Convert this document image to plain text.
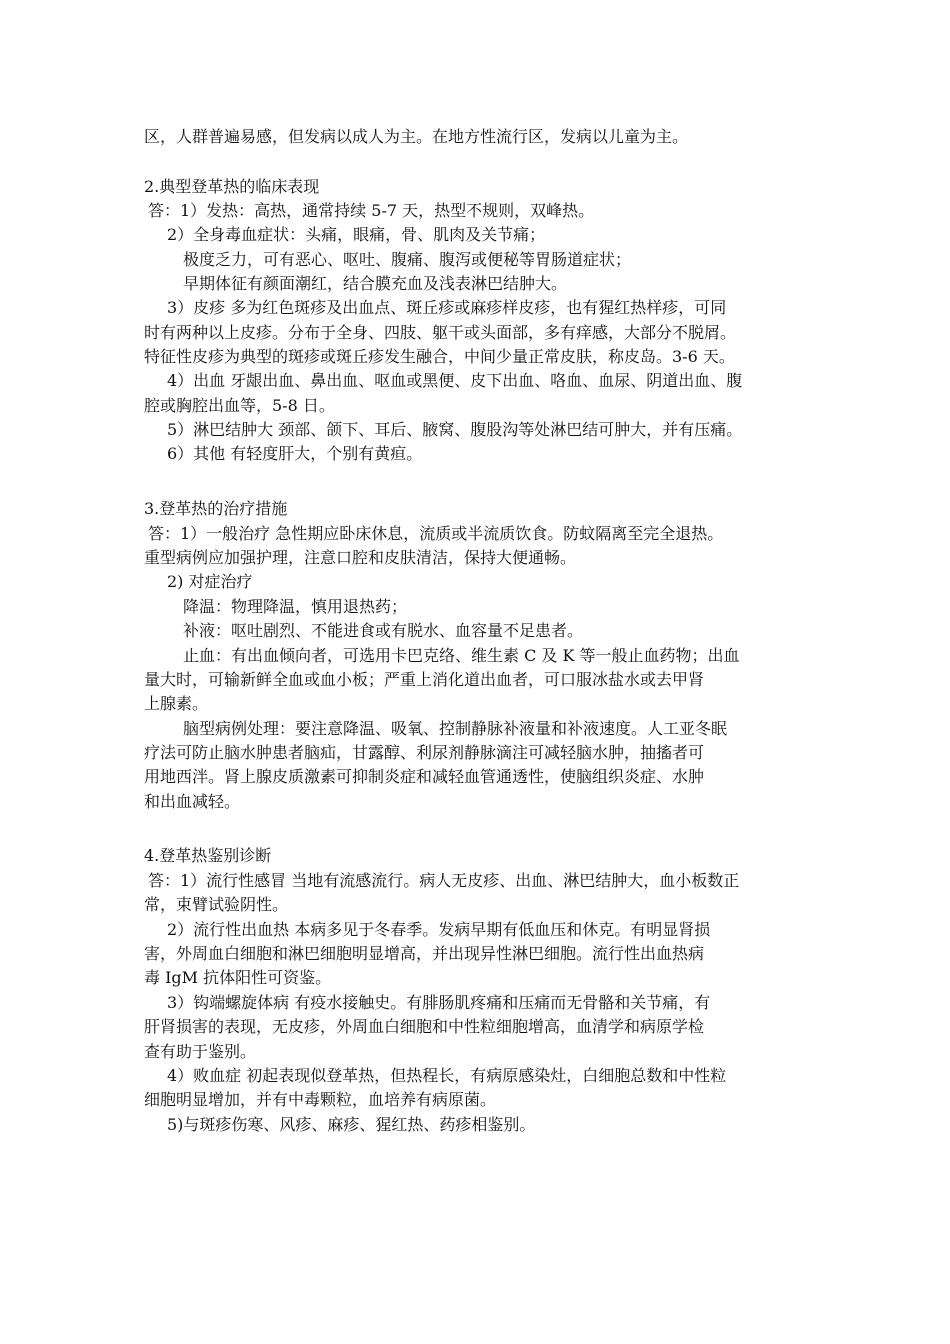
区，人群普遍易感，但发病以成人为主。在地方性流行区，发病以儿童为主。
2.典型登革热的临床表现
答：1）发热：高热，通常持续 5-7 天，热型不规则，双峰热。
2）全身毒血症状：头痛，眼痛，骨、肌肉及关节痛；
极度乏力，可有恶心、呕吐、腹痛、腹泻或便秘等胃肠道症状；
早期体征有颜面潮红，结合膜充血及浅表淋巴结肿大。
3）皮疹 多为红色斑疹及出血点、斑丘疹或麻疹样皮疹，也有猩红热样疹，可同
时有两种以上皮疹。分布于全身、四肢、躯干或头面部，多有痒感，大部分不脱屑。
特征性皮疹为典型的斑疹或斑丘疹发生融合，中间少量正常皮肤，称皮岛。3-6 天。
4）出血 牙龈出血、鼻出血、呕血或黑便、皮下出血、咯血、血尿、阴道出血、腹
腔或胸腔出血等，5-8 日。
5）淋巴结肿大 颈部、颌下、耳后、腋窝、腹股沟等处淋巴结可肿大，并有压痛。
6）其他 有轻度肝大，个别有黄疸。
3.登革热的治疗措施
答：1）一般治疗 急性期应卧床休息，流质或半流质饮食。防蚊隔离至完全退热。
重型病例应加强护理，注意口腔和皮肤清洁，保持大便通畅。
2) 对症治疗
降温：物理降温，慎用退热药；
补液：呕吐剧烈、不能进食或有脱水、血容量不足患者。
止血：有出血倾向者，可选用卡巴克络、维生素 C 及 K 等一般止血药物；出血
量大时，可输新鲜全血或血小板；严重上消化道出血者，可口服冰盐水或去甲肾
上腺素。
脑型病例处理：要注意降温、吸氧、控制静脉补液量和补液速度。人工亚冬眠
疗法可防止脑水肿患者脑疝，甘露醇、利尿剂静脉滴注可减轻脑水肿，抽搐者可
用地西泮。肾上腺皮质激素可抑制炎症和减轻血管通透性，使脑组织炎症、水肿
和出血减轻。
4.登革热鉴别诊断
答：1）流行性感冒 当地有流感流行。病人无皮疹、出血、淋巴结肿大，血小板数正
常，束臂试验阴性。
2）流行性出血热 本病多见于冬春季。发病早期有低血压和休克。有明显肾损
害，外周血白细胞和淋巴细胞明显增高，并出现异性淋巴细胞。流行性出血热病
毒 IgM 抗体阳性可资鉴。
3）钩端螺旋体病 有疫水接触史。有腓肠肌疼痛和压痛而无骨骼和关节痛，有
肝肾损害的表现，无皮疹，外周血白细胞和中性粒细胞增高，血清学和病原学检
查有助于鉴别。
4）败血症 初起表现似登革热，但热程长，有病原感染灶，白细胞总数和中性粒
细胞明显增加，并有中毒颗粒，血培养有病原菌。
5)与斑疹伤寒、风疹、麻疹、猩红热、药疹相鉴别。
